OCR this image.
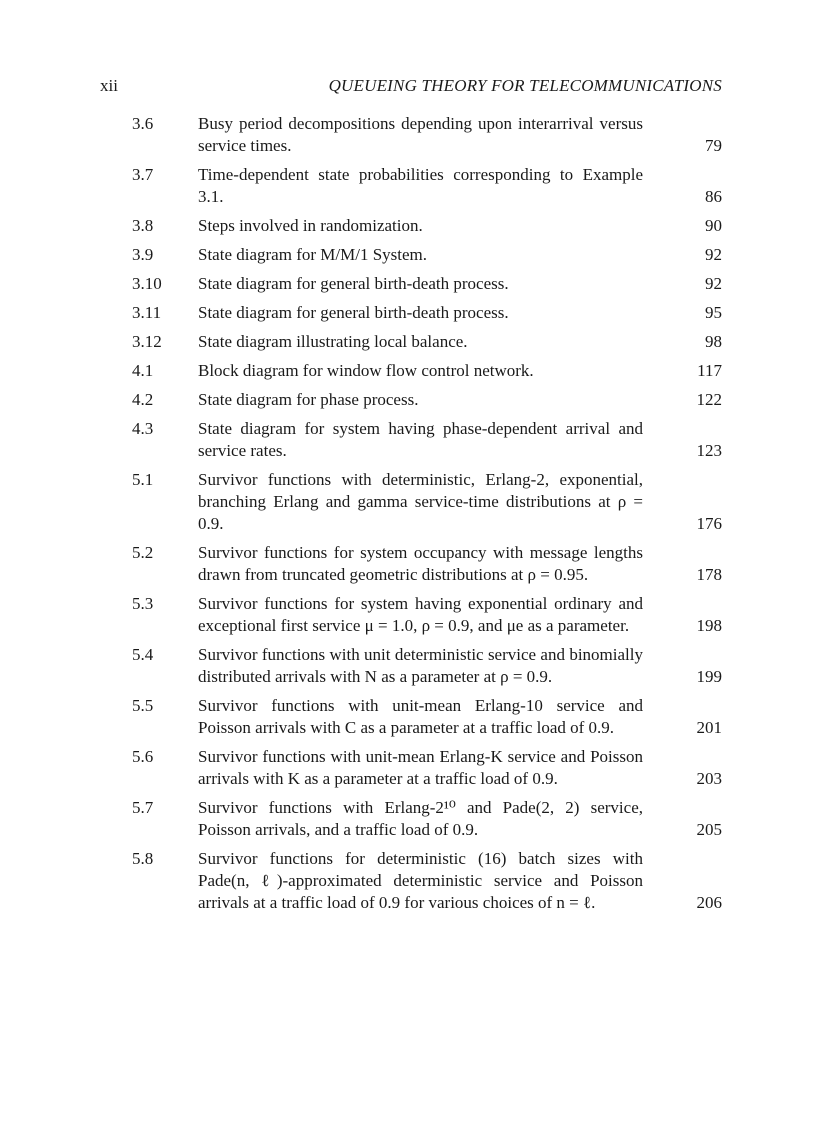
xii	QUEUEING THEORY FOR TELECOMMUNICATIONS
3.6	Busy period decompositions depending upon interarrival versus service times.	79
3.7	Time-dependent state probabilities corresponding to Example 3.1.	86
3.8	Steps involved in randomization.	90
3.9	State diagram for M/M/1 System.	92
3.10	State diagram for general birth-death process.	92
3.11	State diagram for general birth-death process.	95
3.12	State diagram illustrating local balance.	98
4.1	Block diagram for window flow control network.	117
4.2	State diagram for phase process.	122
4.3	State diagram for system having phase-dependent arrival and service rates.	123
5.1	Survivor functions with deterministic, Erlang-2, exponential, branching Erlang and gamma service-time distributions at ρ = 0.9.	176
5.2	Survivor functions for system occupancy with message lengths drawn from truncated geometric distributions at ρ = 0.95.	178
5.3	Survivor functions for system having exponential ordinary and exceptional first service μ = 1.0, ρ = 0.9, and μe as a parameter.	198
5.4	Survivor functions with unit deterministic service and binomially distributed arrivals with N as a parameter at ρ = 0.9.	199
5.5	Survivor functions with unit-mean Erlang-10 service and Poisson arrivals with C as a parameter at a traffic load of 0.9.	201
5.6	Survivor functions with unit-mean Erlang-K service and Poisson arrivals with K as a parameter at a traffic load of 0.9.	203
5.7	Survivor functions with Erlang-2¹⁰ and Pade(2, 2) service, Poisson arrivals, and a traffic load of 0.9.	205
5.8	Survivor functions for deterministic (16) batch sizes with Pade(n, ℓ)-approximated deterministic service and Poisson arrivals at a traffic load of 0.9 for various choices of n = ℓ.	206
